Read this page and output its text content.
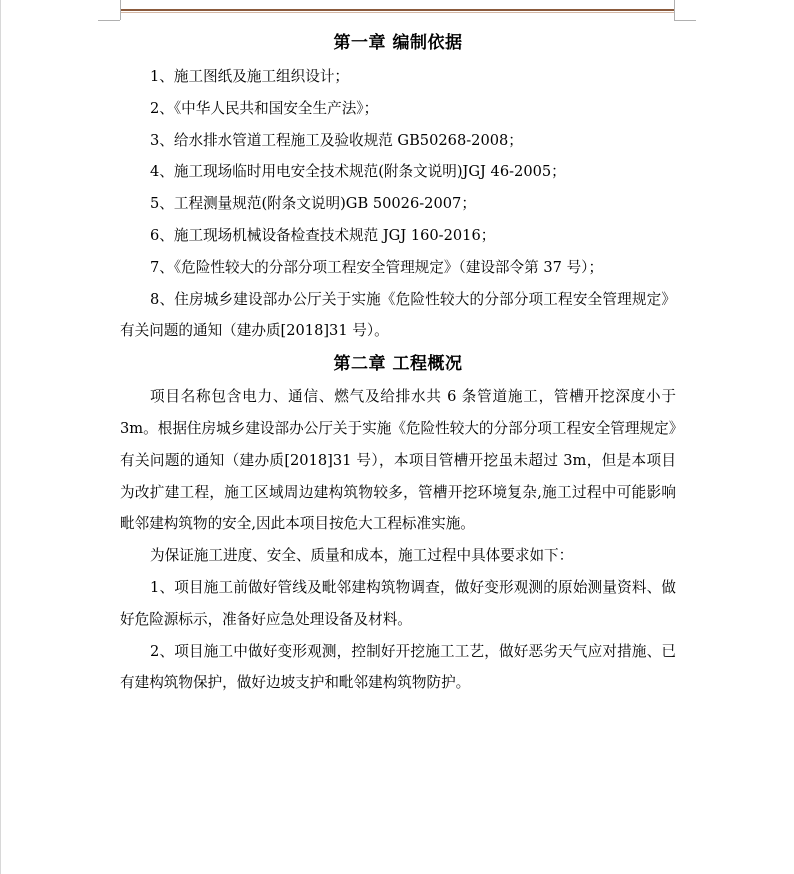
第一章 编制依据

1、施工图纸及施工组织设计；

2、《中华人民共和国安全生产法》；

3、给水排水管道工程施工及验收规范 GB50268-2008；

4、施工现场临时用电安全技术规范(附条文说明)JGJ 46-2005；

5、工程测量规范(附条文说明)GB 50026-2007；

6、施工现场机械设备检查技术规范 JGJ 160-2016；

7、《危险性较大的分部分项工程安全管理规定》（建设部令第 37 号）；

8、住房城乡建设部办公厅关于实施《危险性较大的分部分项工程安全管理规定》有关问题的通知（建办质[2018]31 号）。

第二章 工程概况

项目名称包含电力、通信、燃气及给排水共 6 条管道施工，管槽开挖深度小于 3m。根据住房城乡建设部办公厅关于实施《危险性较大的分部分项工程安全管理规定》有关问题的通知（建办质[2018]31 号），本项目管槽开挖虽未超过 3m，但是本项目为改扩建工程，施工区域周边建构筑物较多，管槽开挖环境复杂,施工过程中可能影响毗邻建构筑物的安全,因此本项目按危大工程标准实施。

为保证施工进度、安全、质量和成本，施工过程中具体要求如下：

1、项目施工前做好管线及毗邻建构筑物调查，做好变形观测的原始测量资料、做好危险源标示，准备好应急处理设备及材料。

2、项目施工中做好变形观测，控制好开挖施工工艺，做好恶劣天气应对措施、已有建构筑物保护，做好边坡支护和毗邻建构筑物防护。
